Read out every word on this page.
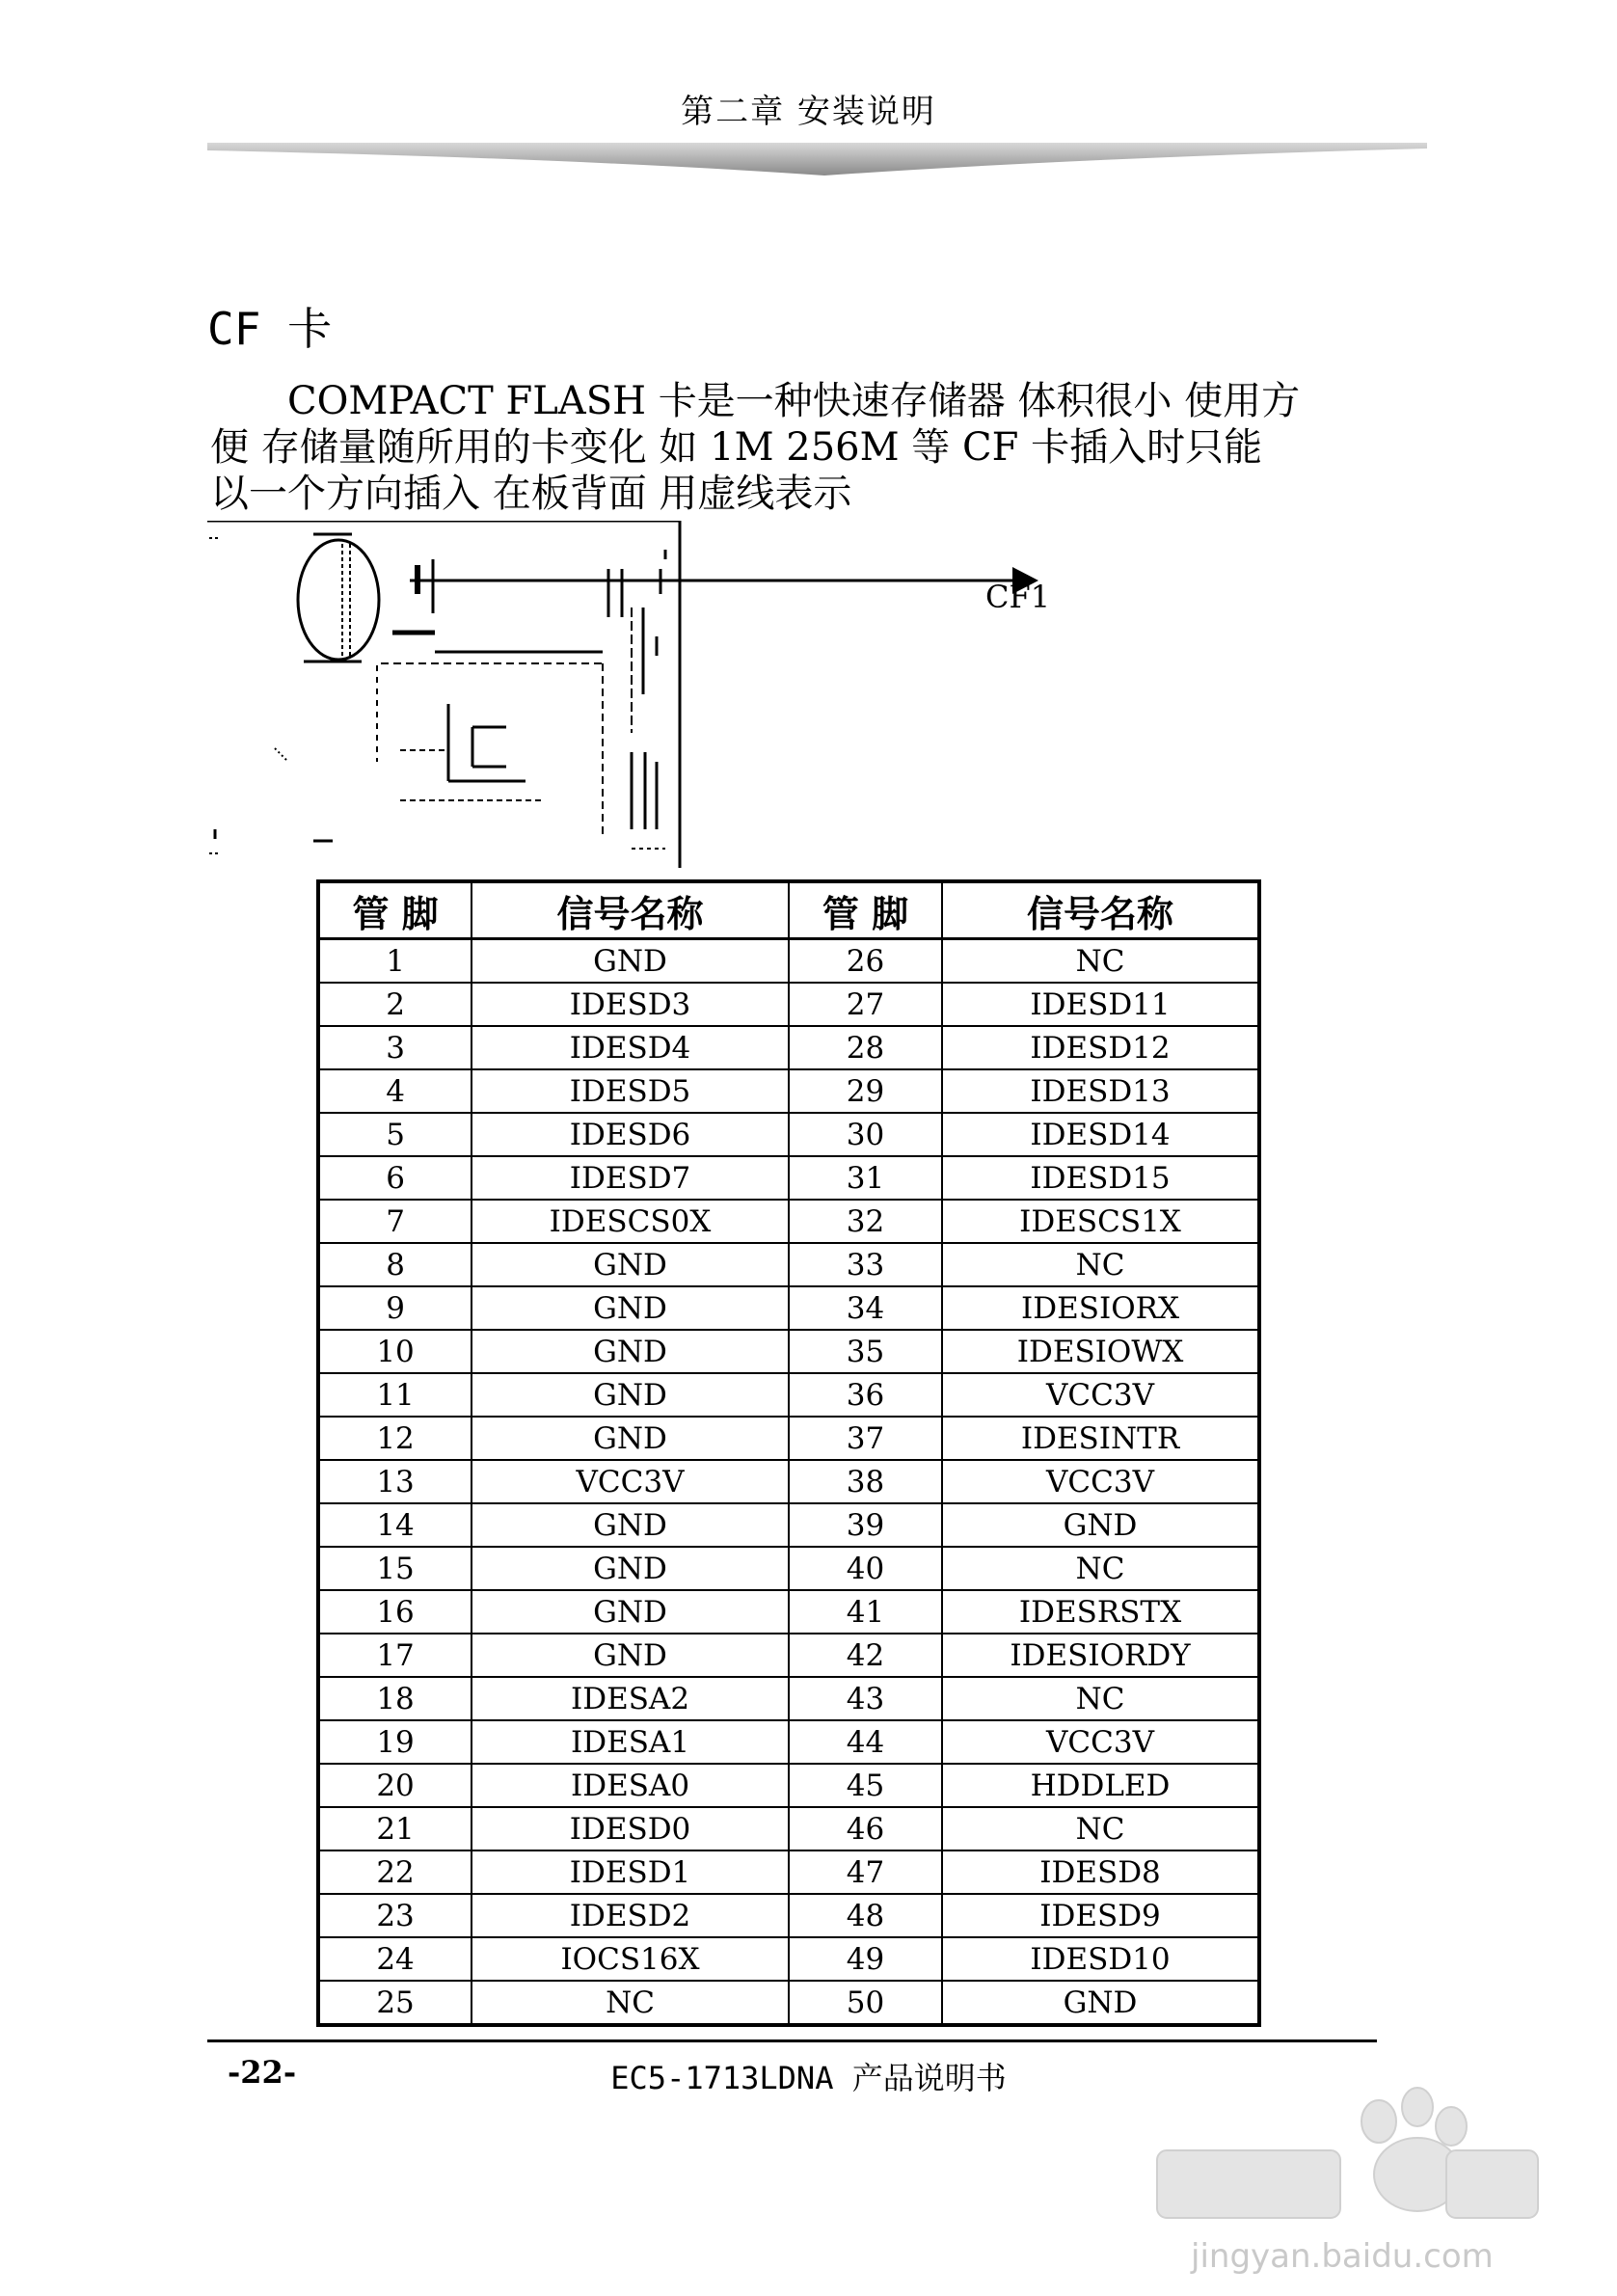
第二章 安装说明
CF 卡
COMPACT FLASH 卡是一种快速存储器 体积很小 使用方
便 存储量随所用的卡变化 如 1M 256M 等 CF 卡插入时只能
以一个方向插入 在板背面 用虚线表示
CF1
管 脚	信号名称	管 脚	信号名称
1	GND	26	NC
2	IDESD3	27	IDESD11
3	IDESD4	28	IDESD12
4	IDESD5	29	IDESD13
5	IDESD6	30	IDESD14
6	IDESD7	31	IDESD15
7	IDESCS0X	32	IDESCS1X
8	GND	33	NC
9	GND	34	IDESIORX
10	GND	35	IDESIOWX
11	GND	36	VCC3V
12	GND	37	IDESINTR
13	VCC3V	38	VCC3V
14	GND	39	GND
15	GND	40	NC
16	GND	41	IDESRSTX
17	GND	42	IDESIORDY
18	IDESA2	43	NC
19	IDESA1	44	VCC3V
20	IDESA0	45	HDDLED
21	IDESD0	46	NC
22	IDESD1	47	IDESD8
23	IDESD2	48	IDESD9
24	IOCS16X	49	IDESD10
25	NC	50	GND
-22-	EC5-1713LDNA 产品说明书
jingyan.baidu.com
